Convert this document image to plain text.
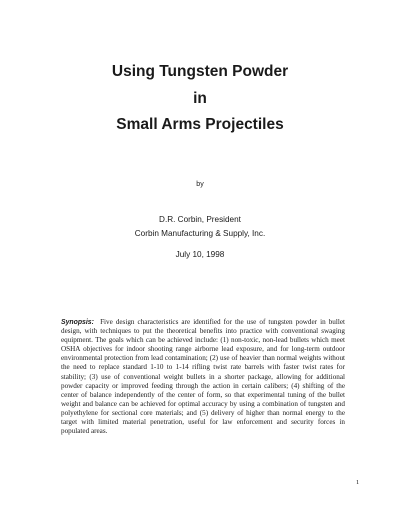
Using Tungsten Powder
in
Small Arms Projectiles
by
D.R. Corbin, President
Corbin Manufacturing & Supply, Inc.
July 10, 1998
Synopsis: Five design characteristics are identified for the use of tungsten powder in bullet design, with techniques to put the theoretical benefits into practice with conventional swaging equipment. The goals which can be achieved include: (1) non-toxic, non-lead bullets which meet OSHA objectives for indoor shooting range airborne lead exposure, and for long-term outdoor environmental protection from lead contamination; (2) use of heavier than normal weights without the need to replace standard 1-10 to 1-14 rifling twist rate barrels with faster twist rates for stability; (3) use of conventional weight bullets in a shorter package, allowing for additional powder capacity or improved feeding through the action in certain calibers; (4) shifting of the center of balance independently of the center of form, so that experimental tuning of the bullet weight and balance can be achieved for optimal accuracy by using a combination of tungsten and polyethylene for sectional core materials; and (5) delivery of higher than normal energy to the target with limited material penetration, useful for law enforcement and security forces in populated areas.
1
